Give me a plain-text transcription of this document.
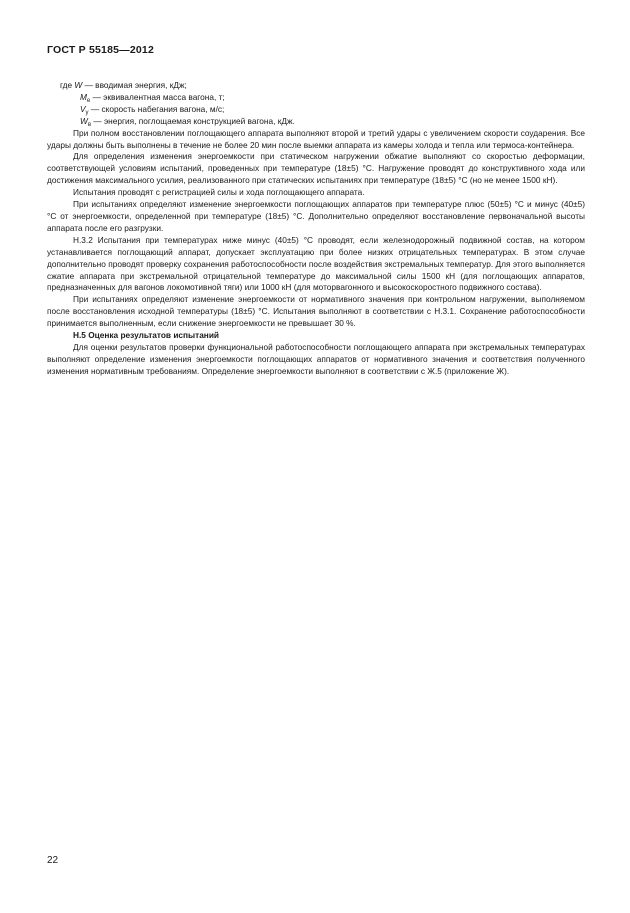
ГОСТ Р 55185—2012
где W — вводимая энергия, кДж;
$M_e$ — эквивалентная масса вагона, т;
$V_y$ — скорость набегания вагона, м/с;
$W_в$ — энергия, поглощаемая конструкцией вагона, кДж.

При полном восстановлении поглощающего аппарата выполняют второй и третий удары с увеличением скорости соударения. Все удары должны быть выполнены в течение не более 20 мин после выемки аппарата из камеры холода и тепла или термоса-контейнера.

Для определения изменения энергоемкости при статическом нагружении обжатие выполняют со скоростью деформации, соответствующей условиям испытаний, проведенных при температуре (18±5) °С. Нагружение проводят до конструктивного хода или достижения максимального усилия, реализованного при статических испытаниях при температуре (18±5) °С (но не менее 1500 кН).

Испытания проводят с регистрацией силы и хода поглощающего аппарата.

При испытаниях определяют изменение энергоемкости поглощающих аппаратов при температуре плюс (50±5) °С и минус (40±5) °С от энергоемкости, определенной при температуре (18±5) °С. Дополнительно определяют восстановление первоначальной высоты аппарата после его разгрузки.

Н.3.2 Испытания при температурах ниже минус (40±5) °С проводят, если железнодорожный подвижной состав, на котором устанавливается поглощающий аппарат, допускает эксплуатацию при более низких отрицательных температурах. В этом случае дополнительно проводят проверку сохранения работоспособности после воздействия экстремальных температур. Для этого выполняется сжатие аппарата при экстремальной отрицательной температуре до максимальной силы 1500 кН (для поглощающих аппаратов, предназначенных для вагонов локомотивной тяги) или 1000 кН (для моторвагонного и высокоскоростного подвижного состава).

При испытаниях определяют изменение энергоемкости от нормативного значения при контрольном нагружении, выполняемом после восстановления исходной температуры (18±5) °С. Испытания выполняют в соответствии с Н.3.1. Сохранение работоспособности принимается выполненным, если снижение энергоемкости не превышает 30 %.

Н.5 Оценка результатов испытаний

Для оценки результатов проверки функциональной работоспособности поглощающего аппарата при экстремальных температурах выполняют определение изменения энергоемкости поглощающих аппаратов от нормативного значения и соответствия полученного изменения нормативным требованиям. Определение энергоемкости выполняют в соответствии с Ж.5 (приложение Ж).

22
